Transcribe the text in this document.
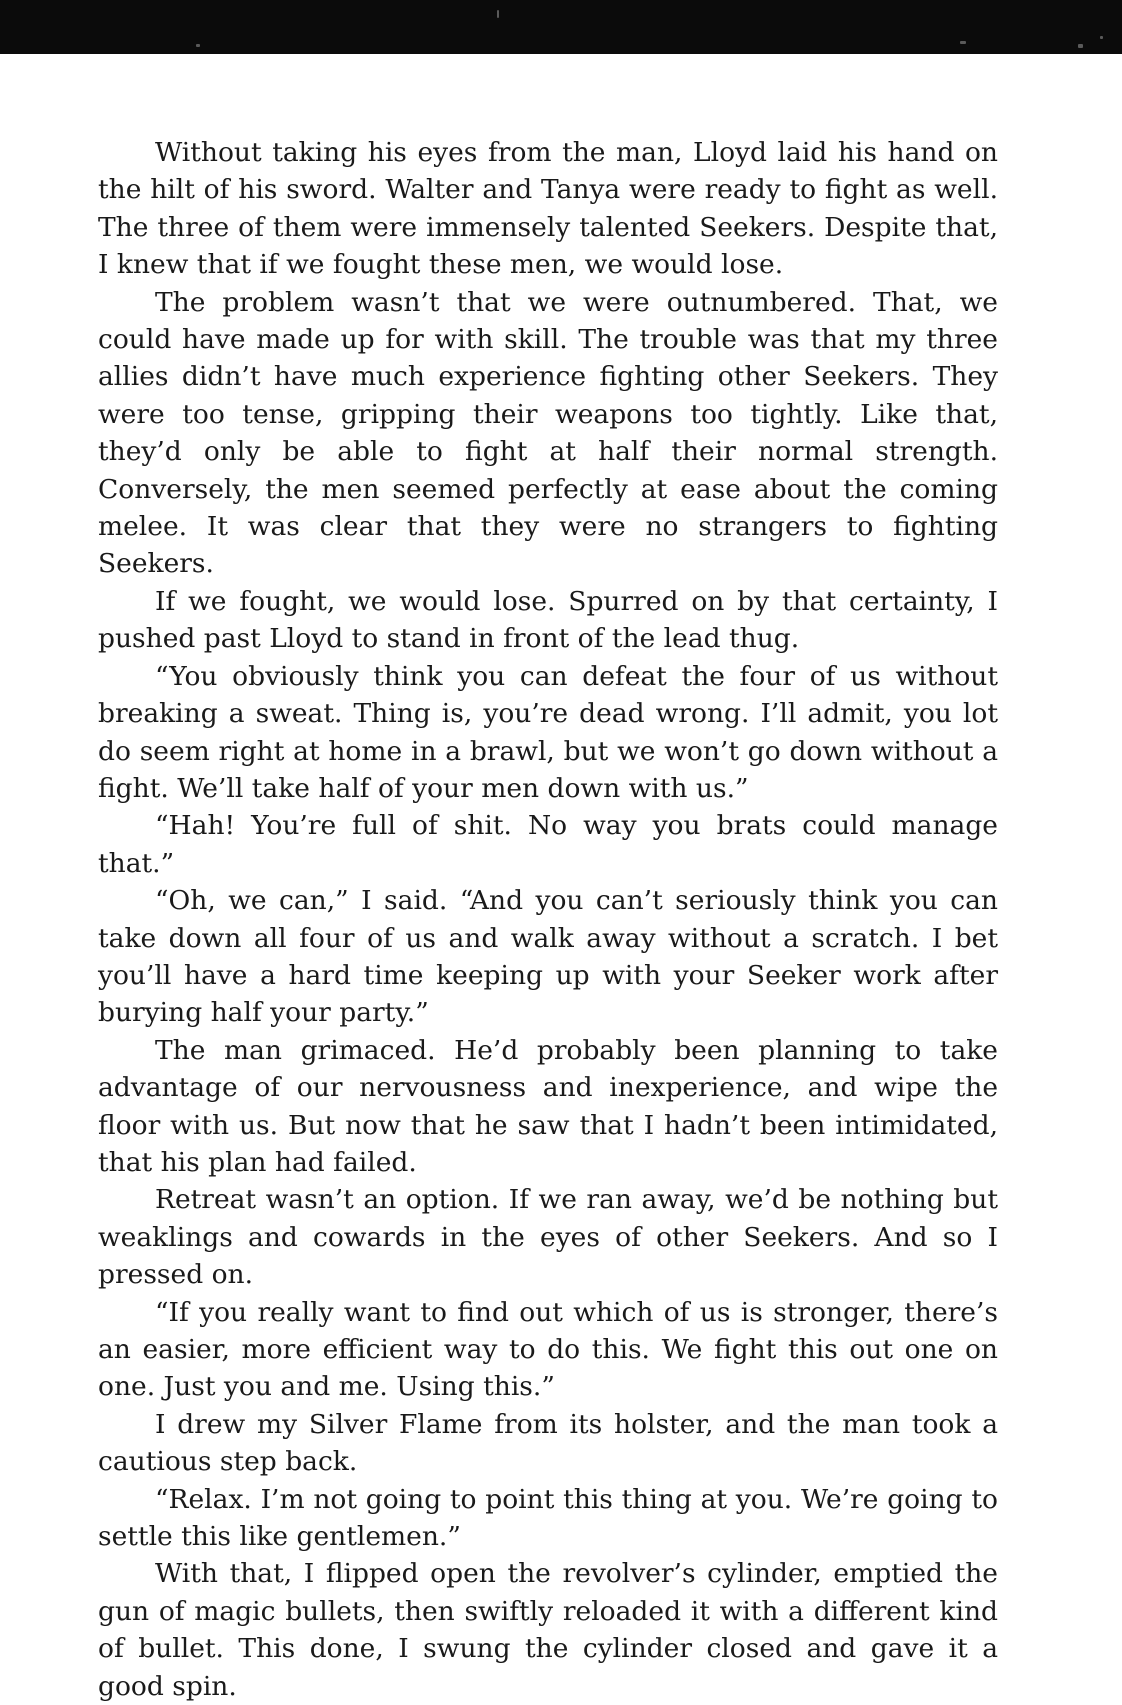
Without taking his eyes from the man, Lloyd laid his hand on the hilt of his sword. Walter and Tanya were ready to fight as well. The three of them were immensely talented Seekers. Despite that, I knew that if we fought these men, we would lose.

The problem wasn’t that we were outnumbered. That, we could have made up for with skill. The trouble was that my three allies didn’t have much experience fighting other Seekers. They were too tense, gripping their weapons too tightly. Like that, they’d only be able to fight at half their normal strength. Conversely, the men seemed perfectly at ease about the coming melee. It was clear that they were no strangers to fighting Seekers.

If we fought, we would lose. Spurred on by that certainty, I pushed past Lloyd to stand in front of the lead thug.

“You obviously think you can defeat the four of us without breaking a sweat. Thing is, you’re dead wrong. I’ll admit, you lot do seem right at home in a brawl, but we won’t go down without a fight. We’ll take half of your men down with us.”

“Hah! You’re full of shit. No way you brats could manage that.”

“Oh, we can,” I said. “And you can’t seriously think you can take down all four of us and walk away without a scratch. I bet you’ll have a hard time keeping up with your Seeker work after burying half your party.”

The man grimaced. He’d probably been planning to take advantage of our nervousness and inexperience, and wipe the floor with us. But now that he saw that I hadn’t been intimidated, that his plan had failed.

Retreat wasn’t an option. If we ran away, we’d be nothing but weaklings and cowards in the eyes of other Seekers. And so I pressed on.

“If you really want to find out which of us is stronger, there’s an easier, more efficient way to do this. We fight this out one on one. Just you and me. Using this.”

I drew my Silver Flame from its holster, and the man took a cautious step back.

“Relax. I’m not going to point this thing at you. We’re going to settle this like gentlemen.”

With that, I flipped open the revolver’s cylinder, emptied the gun of magic bullets, then swiftly reloaded it with a different kind of bullet. This done, I swung the cylinder closed and gave it a good spin.
